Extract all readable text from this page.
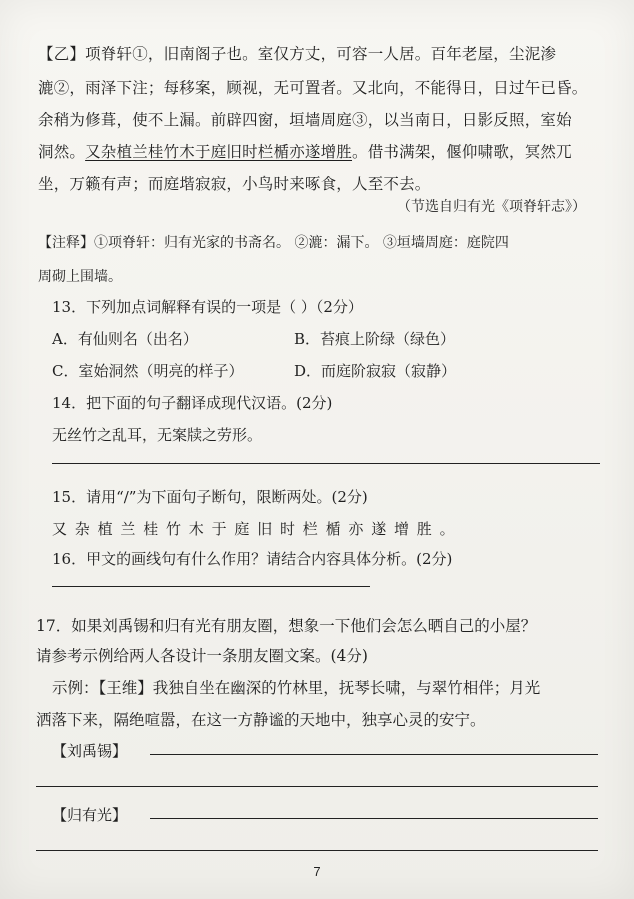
【乙】项脊轩①，旧南阁子也。室仅方丈，可容一人居。百年老屋，尘泥渗
漉②，雨泽下注；每移案，顾视，无可置者。又北向，不能得日，日过午已昏。
余稍为修葺，使不上漏。前辟四窗，垣墙周庭③，以当南日，日影反照，室始
洞然。又杂植兰桂竹木于庭旧时栏楯亦遂增胜。借书满架，偃仰啸歌，冥然兀
坐，万籁有声；而庭堦寂寂，小鸟时来啄食，人至不去。
（节选自归有光《项脊轩志》）
【注释】①项脊轩：归有光家的书斋名。 ②漉：漏下。 ③垣墙周庭：庭院四
周砌上围墙。
13．下列加点词解释有误的一项是（ ）（2分）
A．有仙则名（出名）	B．苔痕上阶绿（绿色）
C．室始洞然（明亮的样子）	D．而庭阶寂寂（寂静）
14．把下面的句子翻译成现代汉语。(2分)
无丝竹之乱耳，无案牍之劳形。
15．请用“/”为下面句子断句，限断两处。(2分)
又杂植兰桂竹木于庭旧时栏楯亦遂增胜。
16．甲文的画线句有什么作用？请结合内容具体分析。(2分)
17．如果刘禹锡和归有光有朋友圈，想象一下他们会怎么晒自己的小屋？
请参考示例给两人各设计一条朋友圈文案。(4分)
示例：【王维】我独自坐在幽深的竹林里，抚琴长啸，与翠竹相伴；月光
洒落下来，隔绝喧嚣，在这一方静谧的天地中，独享心灵的安宁。
【刘禹锡】
【归有光】
7
